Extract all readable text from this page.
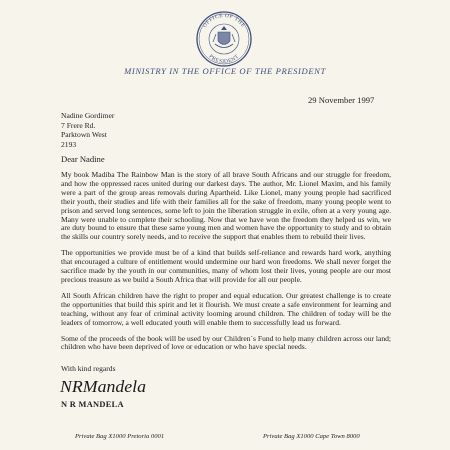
OFFICE OF THE
PRESIDENT
MINISTRY IN THE OFFICE OF THE PRESIDENT
29 November 1997
Nadine Gordimer
7 Frere Rd.
Parktown West
2193
Dear Nadine

My book Madiba The Rainbow Man is the story of all brave South Africans and our struggle for freedom, and how the oppressed races united during our darkest days. The author, Mr. Lionel Maxim, and his family were a part of the group areas removals during Apartheid. Like Lionel, many young people had sacrificed their youth, their studies and life with their families all for the sake of freedom, many young people went to prison and served long sentences, some left to join the liberation struggle in exile, often at a very young age. Many were unable to complete their schooling. Now that we have won the freedom they helped us win, we are duty bound to ensure that these same young men and women have the opportunity to study and to obtain the skills our country sorely needs, and to receive the support that enables them to rebuild their lives.

The opportunities we provide must be of a kind that builds self-reliance and rewards hard work, anything that encouraged a culture of entitlement would undermine our hard won freedoms. We shall never forget the sacrifice made by the youth in our communities, many of whom lost their lives, young people are our most precious treasure as we build a South Africa that will provide for all our people.

All South African children have the right to proper and equal education. Our greatest challenge is to create the opportunities that build this spirit and let it flourish. We must create a safe environment for learning and teaching, without any fear of criminal activity looming around children. The children of today will be the leaders of tomorrow, a well educated youth will enable them to successfully lead us forward.

Some of the proceeds of the book will be used by our Children`s Fund to help many children across our land; children who have been deprived of love or education or who have special needs.

With kind regards
NRMandela
N R MANDELA
Private Bag X1000 Pretoria 0001	Private Bag X1000 Cape Town 8000
